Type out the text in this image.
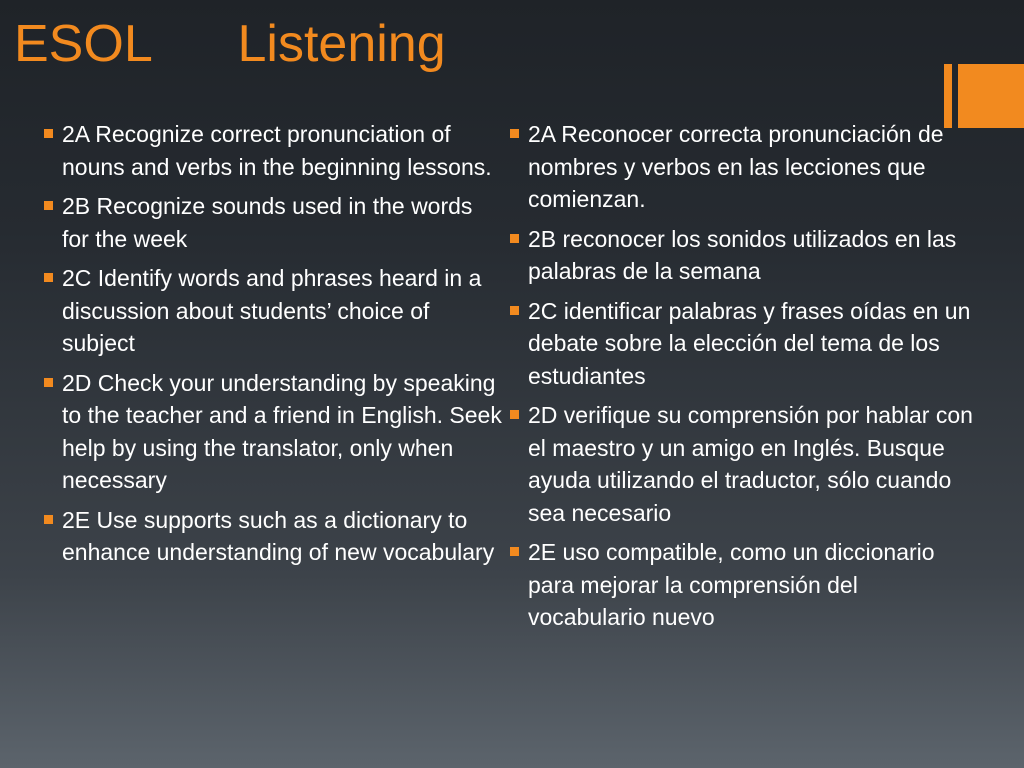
ESOL      Listening
2A Recognize correct pronunciation of nouns and verbs in the beginning lessons.
2B Recognize sounds used in the words for the week
2C Identify words and phrases heard in a discussion about students’ choice of subject
2D Check your understanding by speaking to the teacher and a friend in English. Seek help by using the translator, only when necessary
2E Use supports such as a dictionary to enhance understanding of new vocabulary
2A Reconocer correcta pronunciación de nombres y verbos en las lecciones que comienzan.
2B reconocer los sonidos utilizados en las palabras de la semana
2C identificar palabras y frases oídas en un debate sobre la elección del tema de los estudiantes
2D verifique su comprensión por hablar con el maestro y un amigo en Inglés. Busque ayuda utilizando el traductor, sólo cuando sea necesario
2E uso compatible, como un diccionario para mejorar la comprensión del vocabulario nuevo
